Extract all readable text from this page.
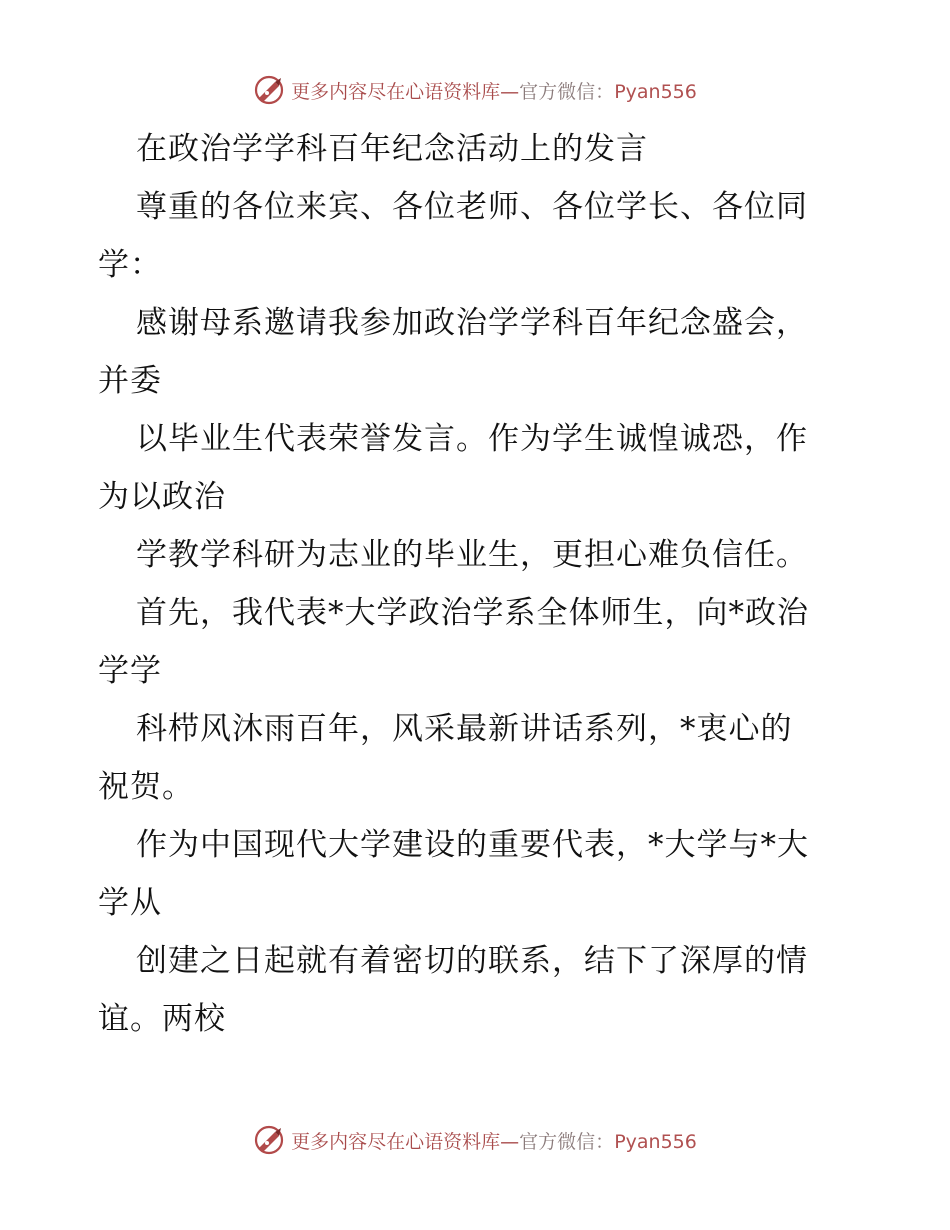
更多内容尽在心语资料库—官方微信：Pyan556
在政治学学科百年纪念活动上的发言
尊重的各位来宾、各位老师、各位学长、各位同
学：
感谢母系邀请我参加政治学学科百年纪念盛会，
并委
以毕业生代表荣誉发言。作为学生诚惶诚恐，作
为以政治
学教学科研为志业的毕业生，更担心难负信任。
首先，我代表*大学政治学系全体师生，向*政治
学学
科栉风沐雨百年，风采最新讲话系列，*衷心的
祝贺。
作为中国现代大学建设的重要代表，*大学与*大
学从
创建之日起就有着密切的联系，结下了深厚的情
谊。两校
更多内容尽在心语资料库—官方微信：Pyan556
